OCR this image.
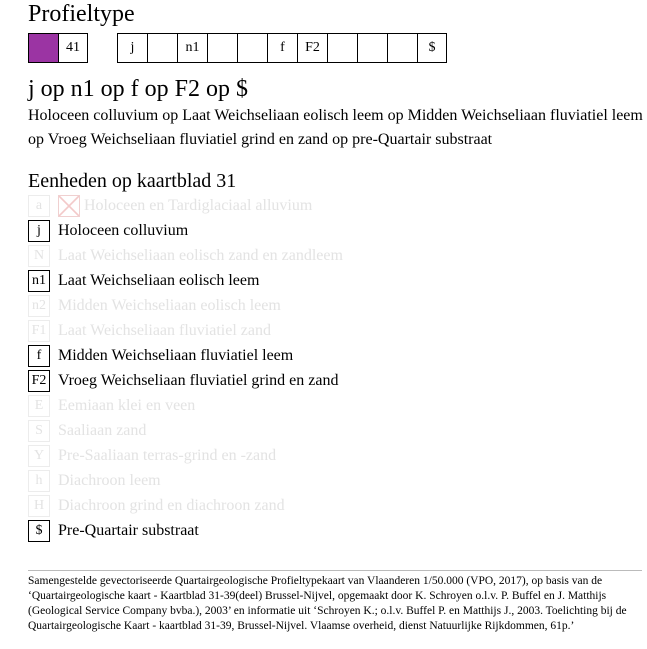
Profieltype
41	j	n1	f	F2	$
j op n1 op f op F2 op $
Holoceen colluvium op Laat Weichseliaan eolisch leem op Midden Weichseliaan fluviatiel leem op Vroeg Weichseliaan fluviatiel grind en zand op pre-Quartair substraat
Eenheden op kaartblad 31
a	Holoceen en Tardiglaciaal alluvium
j	Holoceen colluvium
N Laat Weichseliaan eolisch zand en zandleem
n1 Laat Weichseliaan eolisch leem
n2 Midden Weichseliaan eolisch leem
F1 Laat Weichseliaan fluviatiel zand
f	Midden Weichseliaan fluviatiel leem
F2 Vroeg Weichseliaan fluviatiel grind en zand
E Eemiaan klei en veen
S Saaliaan zand
Y Pre-Saaliaan terras-grind en -zand
h Diachroon leem
H Diachroon grind en diachroon zand
$ Pre-Quartair substraat
Samengestelde gevectoriseerde Quartairgeologische Profieltypekaart van Vlaanderen 1/50.000 (VPO, 2017), op basis van de ‘Quartairgeologische kaart - Kaartblad 31-39(deel) Brussel-Nijvel, opgemaakt door K. Schroyen o.l.v. P. Buffel en J. Matthijs (Geological Service Company bvba.), 2003’ en informatie uit ‘Schroyen K.; o.l.v. Buffel P. en Matthijs J., 2003. Toelichting bij de Quartairgeologische Kaart - kaartblad 31-39, Brussel-Nijvel. Vlaamse overheid, dienst Natuurlijke Rijkdommen, 61p.’
